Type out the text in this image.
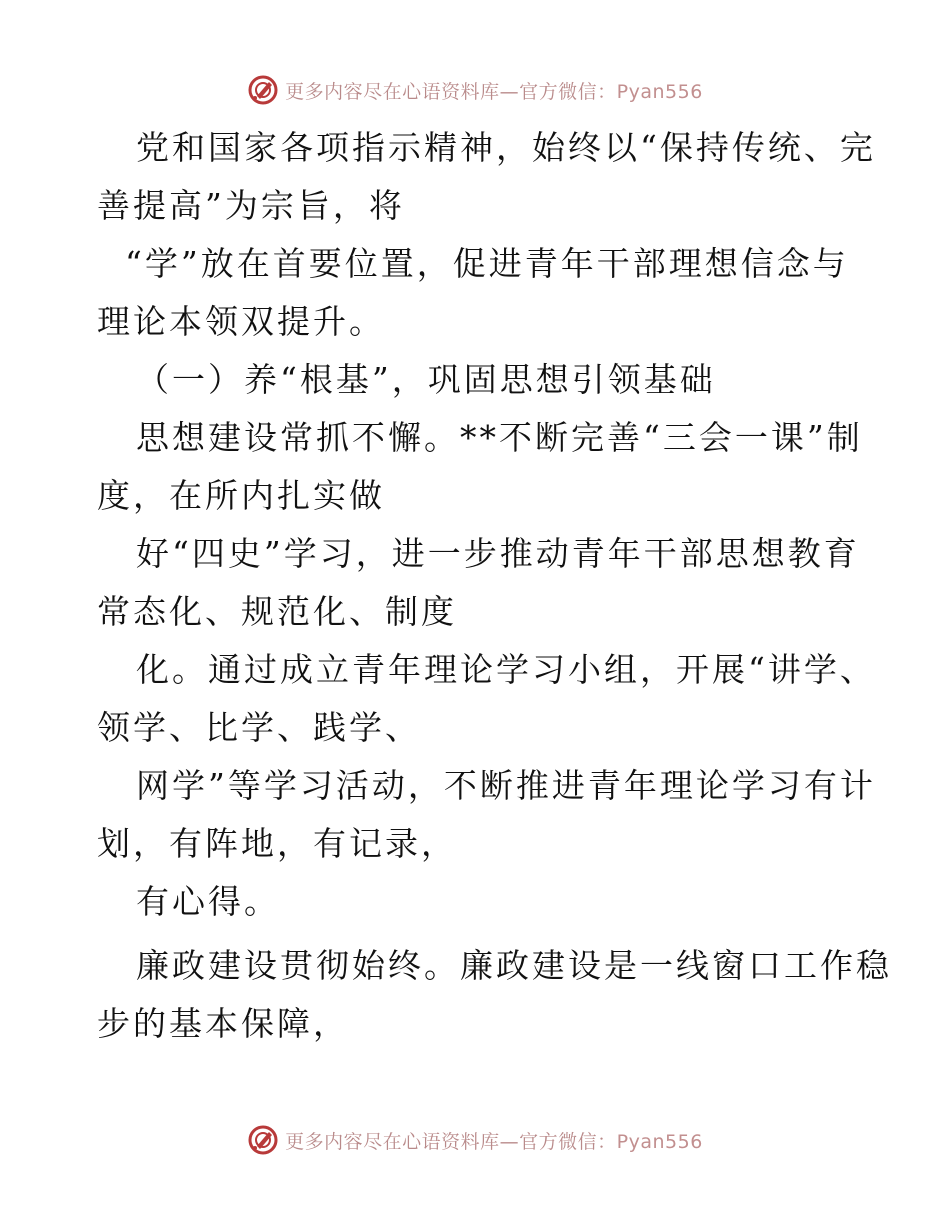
更多内容尽在心语资料库—官方微信：Pyan556
党和国家各项指示精神，始终以“保持传统、完
善提高”为宗旨，将
“学”放在首要位置，促进青年干部理想信念与
理论本领双提升。
（一）养“根基”，巩固思想引领基础
思想建设常抓不懈。**不断完善“三会一课”制
度，在所内扎实做
好“四史”学习，进一步推动青年干部思想教育
常态化、规范化、制度
化。通过成立青年理论学习小组，开展“讲学、
领学、比学、践学、
网学”等学习活动，不断推进青年理论学习有计
划，有阵地，有记录，
有心得。
廉政建设贯彻始终。廉政建设是一线窗口工作稳
步的基本保障，
更多内容尽在心语资料库—官方微信：Pyan556
